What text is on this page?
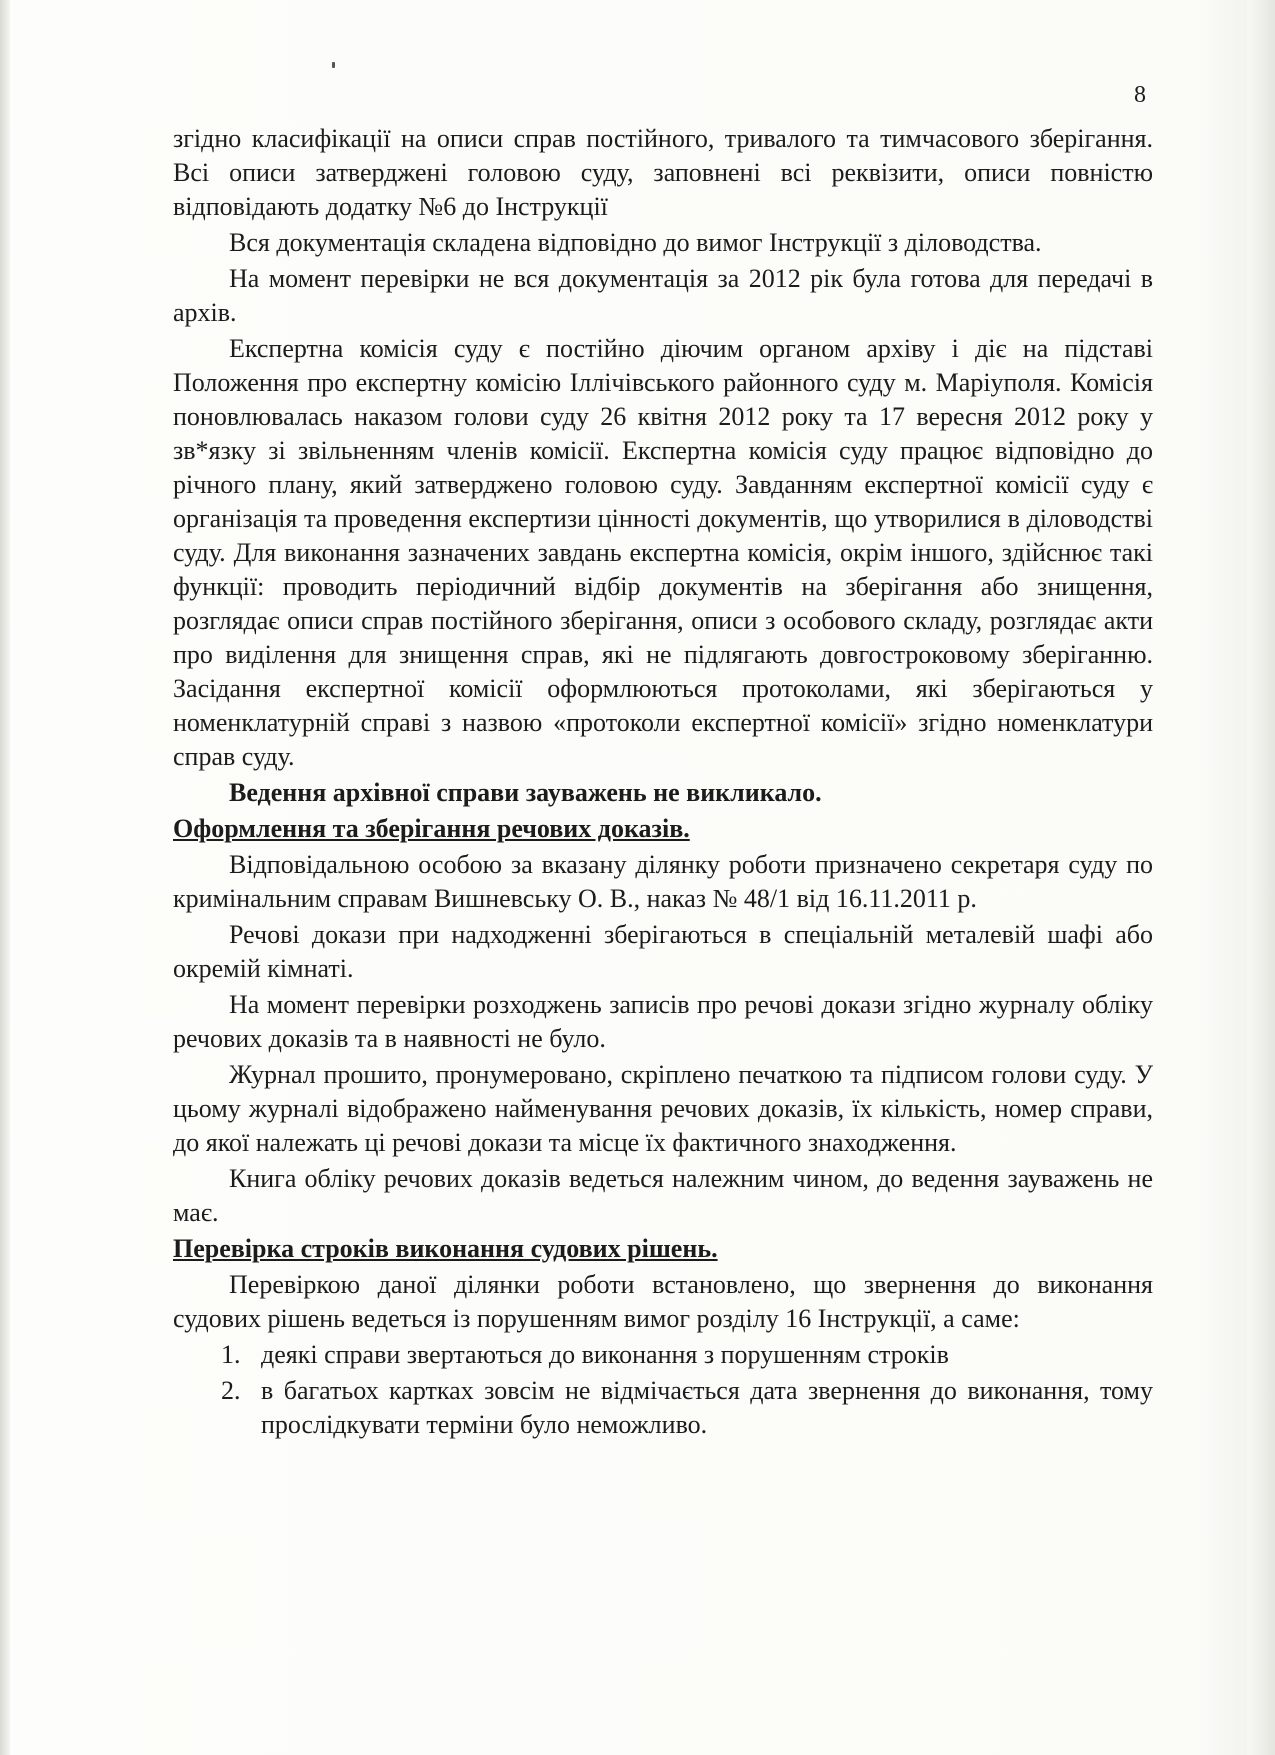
8

згідно класифікації на описи справ постійного, тривалого та тимчасового зберігання. Всі описи затверджені головою суду, заповнені всі реквізити, описи повністю відповідають додатку №6 до Інструкції

Вся документація складена відповідно до вимог Інструкції з діловодства.

На момент перевірки не вся документація за 2012 рік була готова для передачі в архів.

Експертна комісія суду є постійно діючим органом архіву і діє на підставі Положення про експертну комісію Іллічівського районного суду м. Маріуполя. Комісія поновлювалась наказом голови суду 26 квітня 2012 року та 17 вересня 2012 року у зв*язку зі звільненням членів комісії. Експертна комісія суду працює відповідно до річного плану, який затверджено головою суду. Завданням експертної комісії суду є організація та проведення експертизи цінності документів, що утворилися в діловодстві суду. Для виконання зазначених завдань експертна комісія, окрім іншого, здійснює такі функції: проводить періодичний відбір документів на зберігання або знищення, розглядає описи справ постійного зберігання, описи з особового складу, розглядає акти про виділення для знищення справ, які не підлягають довгостроковому зберіганню. Засідання експертної комісії оформлюються протоколами, які зберігаються у номенклатурній справі з назвою «протоколи експертної комісії» згідно номенклатури справ суду.

Ведення архівної справи зауважень не викликало.

Оформлення та зберігання речових доказів.

Відповідальною особою за вказану ділянку роботи призначено секретаря суду по кримінальним справам Вишневську О. В., наказ № 48/1 від 16.11.2011 р.

Речові докази при надходженні зберігаються в спеціальній металевій шафі або окремій кімнаті.

На момент перевірки розходжень записів про речові докази згідно журналу обліку речових доказів та в наявності не було.

Журнал прошито, пронумеровано, скріплено печаткою та підписом голови суду. У цьому журналі відображено найменування речових доказів, їх кількість, номер справи, до якої належать ці речові докази та місце їх фактичного знаходження.

Книга обліку речових доказів ведеться належним чином, до ведення зауважень не має.

Перевірка строків виконання судових рішень.

Перевіркою даної ділянки роботи встановлено, що звернення до виконання судових рішень ведеться із порушенням вимог розділу 16 Інструкції, а саме:

1. деякі справи звертаються до виконання з порушенням строків
2. в багатьох картках зовсім не відмічається дата звернення до виконання, тому прослідкувати терміни було неможливо.
